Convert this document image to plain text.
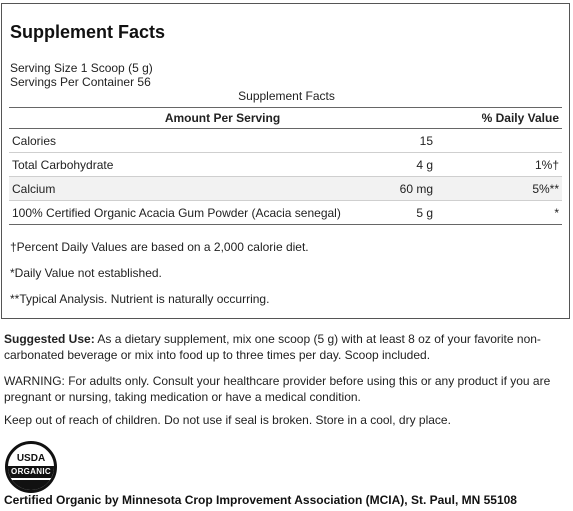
Supplement Facts
Serving Size 1 Scoop (5 g)
Servings Per Container 56
Supplement Facts
Amount Per Serving		% Daily Value
Calories	15	
Total Carbohydrate	4 g	1%†
Calcium	60 mg	5%**
100% Certified Organic Acacia Gum Powder (Acacia senegal)	5 g	*
†Percent Daily Values are based on a 2,000 calorie diet.
*Daily Value not established.
**Typical Analysis. Nutrient is naturally occurring.
Suggested Use: As a dietary supplement, mix one scoop (5 g) with at least 8 oz of your favorite non-carbonated beverage or mix into food up to three times per day. Scoop included.
WARNING: For adults only. Consult your healthcare provider before using this or any product if you are pregnant or nursing, taking medication or have a medical condition.
Keep out of reach of children. Do not use if seal is broken. Store in a cool, dry place.
USDA
ORGANIC
Certified Organic by Minnesota Crop Improvement Association (MCIA), St. Paul, MN 55108
